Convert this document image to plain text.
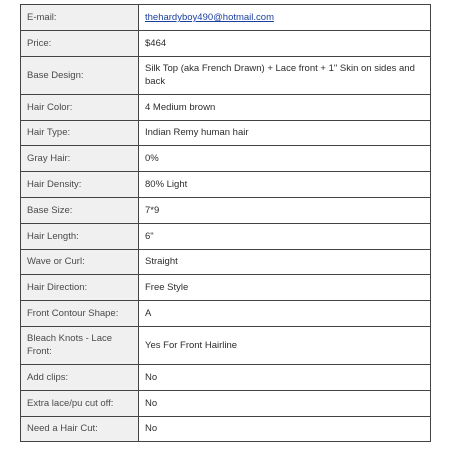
E-mail:	thehardyboy490@hotmail.com
Price:	$464
Base Design:	Silk Top (aka French Drawn) + Lace front + 1" Skin on sides and back
Hair Color:	4 Medium brown
Hair Type:	Indian Remy human hair
Gray Hair:	0%
Hair Density:	80% Light
Base Size:	7*9
Hair Length:	6"
Wave or Curl:	Straight
Hair Direction:	Free Style
Front Contour Shape:	A
Bleach Knots - Lace Front:	Yes For Front Hairline
Add clips:	No
Extra lace/pu cut off:	No
Need a Hair Cut:	No
